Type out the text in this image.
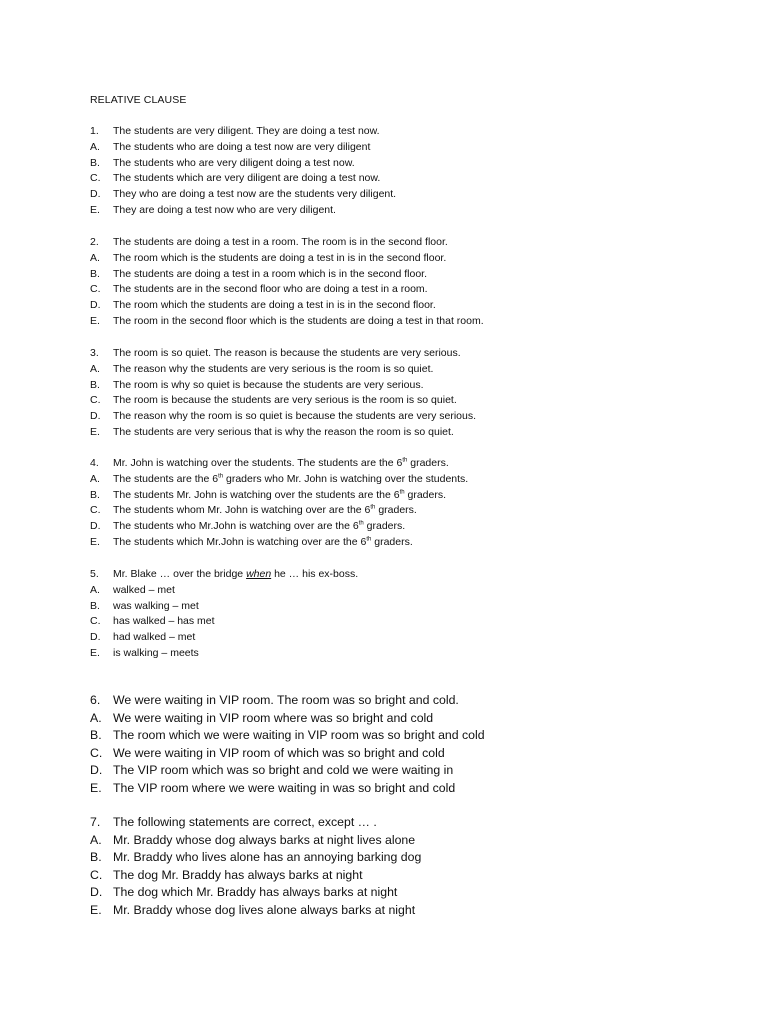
RELATIVE CLAUSE
1.	The students are very diligent. They are doing a test now.
A.	The students who are doing a test now are very diligent
B.	The students who are very diligent doing a test now.
C.	The students which are very diligent are doing a test now.
D.	They who are doing a test now are the students very diligent.
E.	They are doing a test now who are very diligent.
2.	The students are doing a test in a room. The room is in the second floor.
A.	The room which is the students are doing a test in is in the second floor.
B.	The students are doing a test in a room which is in the second floor.
C.	The students are in the second floor who are doing a test in a room.
D.	The room which the students are doing a test in is in the second floor.
E.	The room in the second floor which is the students are doing a test in that room.
3.	The room is so quiet. The reason is because the students are very serious.
A.	The reason why the students are very serious is the room is so quiet.
B.	The room is why so quiet is because the students are very serious.
C.	The room is because the students are very serious is the room is so quiet.
D.	The reason why the room is so quiet is because the students are very serious.
E.	The students are very serious that is why the reason the room is so quiet.
4.	Mr. John is watching over the students. The students are the 6th graders.
A.	The students are the 6th graders who Mr. John is watching over the students.
B.	The students Mr. John is watching over the students are the 6th graders.
C.	The students whom Mr. John is watching over are the 6th graders.
D.	The students who Mr.John is watching over are the 6th graders.
E.	The students which Mr.John is watching over are the 6th graders.
5.	Mr. Blake … over the bridge when he … his ex-boss.
A.	walked – met
B.	was walking – met
C.	has walked – has met
D.	had walked – met
E.	is walking – meets
6.	We were waiting in VIP room. The room was so bright and cold.
A. We were waiting in VIP room where was so bright and cold
B. The room which we were waiting in VIP room was so bright and cold
C. We were waiting in VIP room of which was so bright and cold
D. The VIP room which was so bright and cold we were waiting in
E. The VIP room where we were waiting in was so bright and cold
7.	The following statements are correct, except … .
A. Mr. Braddy whose dog always barks at night lives alone
B. Mr. Braddy who lives alone has an annoying barking dog
C. The dog Mr. Braddy has always barks at night
D. The dog which Mr. Braddy has always barks at night
E. Mr. Braddy whose dog lives alone always barks at night
